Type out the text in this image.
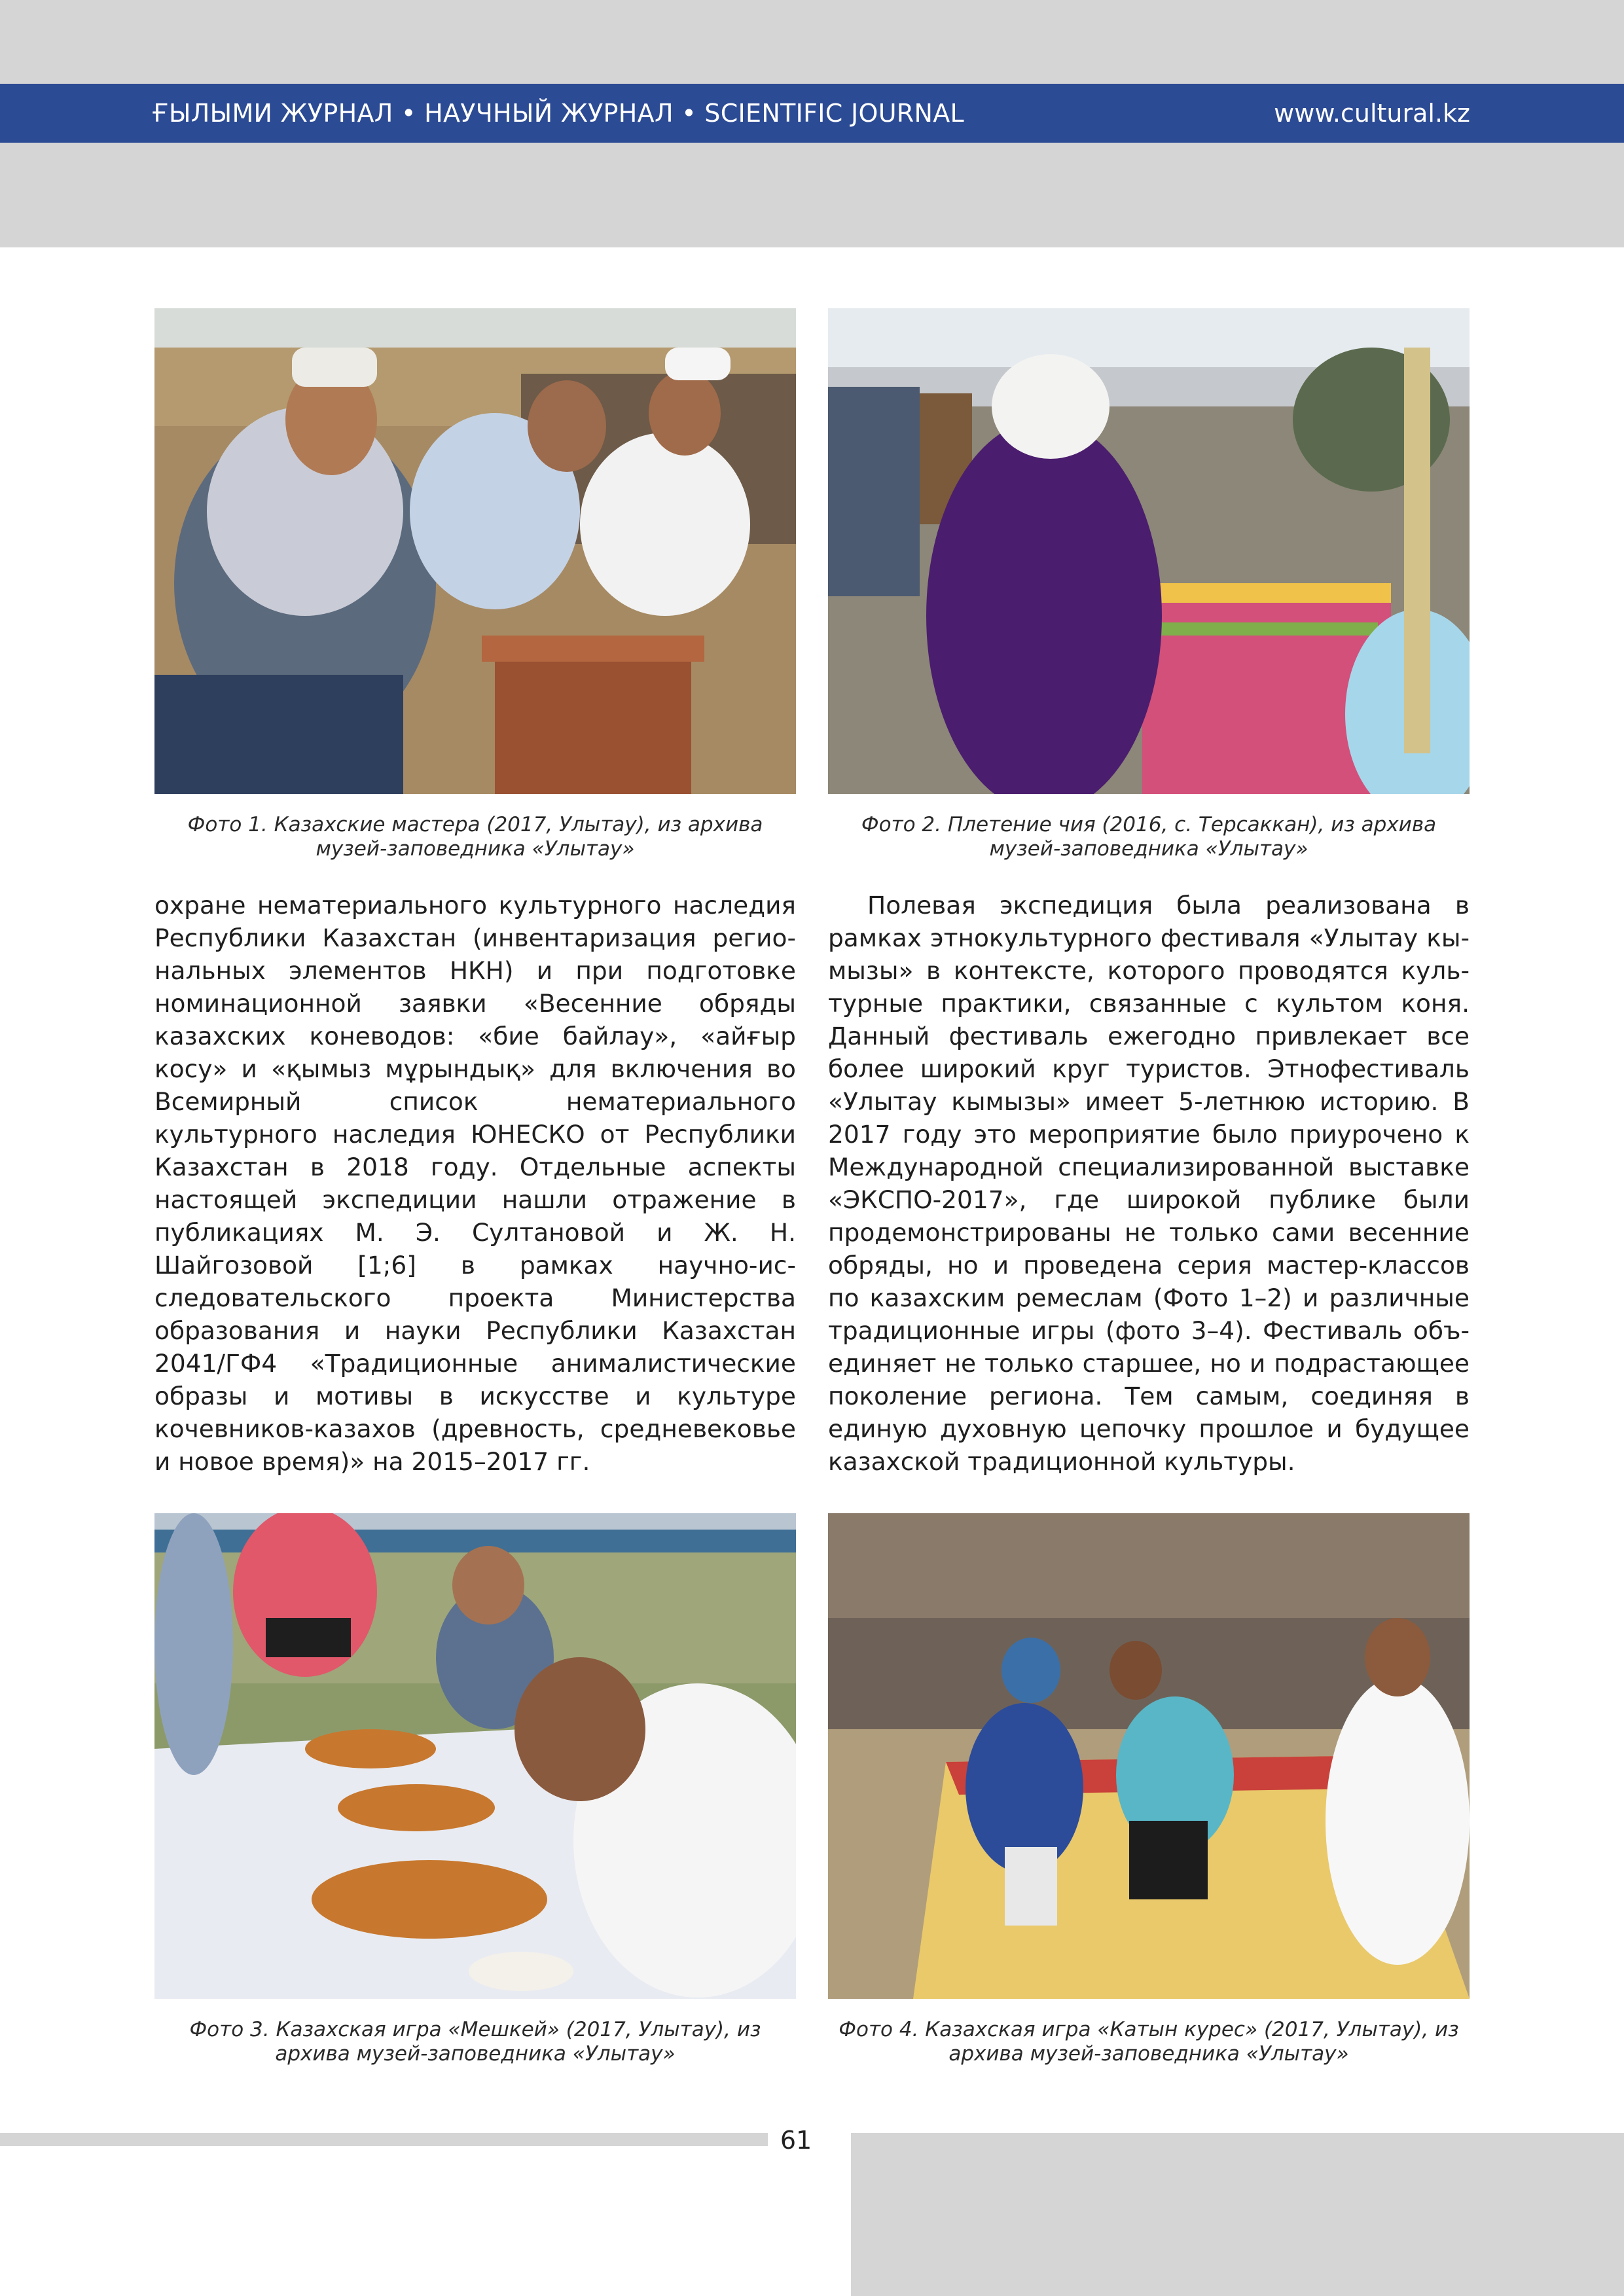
ҒЫЛЫМИ ЖУРНАЛ • НАУЧНЫЙ ЖУРНАЛ • SCIENTIFIC JOURNAL	www.cultural.kz
Фото 1. Казахские мастера (2017, Улытау), из архива
музей-заповедника «Улытау»
Фото 2. Плетение чия (2016, с. Терсаккан), из архива
музей-заповедника «Улытау»
охране нематериального культурного наследия Республики Казахстан (инвентаризация региональных элементов НКН) и при подготовке номинационной заявки «Весенние обряды казахских коневодов: «бие байлау», «айғыр косу» и «қымыз мұрындық» для включения во Всемирный список нематериального культурного наследия ЮНЕСКО от Республики Казахстан в 2018 году. Отдельные аспекты настоящей экспедиции нашли отражение в публикациях М. Э. Султановой и Ж. Н. Шайгозовой [1;6] в рамках научно-исследовательского проекта Министерства образования и науки Республики Казахстан 2041/ГФ4 «Традиционные анималистические образы и мотивы в искусстве и культуре кочевников-казахов (древность, средневековье и новое время)» на 2015–2017 гг.
Полевая экспедиция была реализована в рамках этнокультурного фестиваля «Улытау кымызы» в контексте, которого проводятся культурные практики, связанные с культом коня. Данный фестиваль ежегодно привлекает все более широкий круг туристов. Этнофестиваль «Улытау кымызы» имеет 5-летнюю историю. В 2017 году это мероприятие было приурочено к Международной специализированной выставке «ЭКСПО-2017», где широкой публике были продемонстрированы не только сами весенние обряды, но и проведена серия мастер-классов по казахским ремеслам (Фото 1–2) и различные традиционные игры (фото 3–4). Фестиваль объединяет не только старшее, но и подрастающее поколение региона. Тем самым, соединяя в единую духовную цепочку прошлое и будущее казахской традиционной культуры.
Фото 3. Казахская игра «Мешкей» (2017, Улытау), из
архива музей-заповедника «Улытау»
Фото 4. Казахская игра «Катын курес» (2017, Улытау), из
архива музей-заповедника «Улытау»
61
